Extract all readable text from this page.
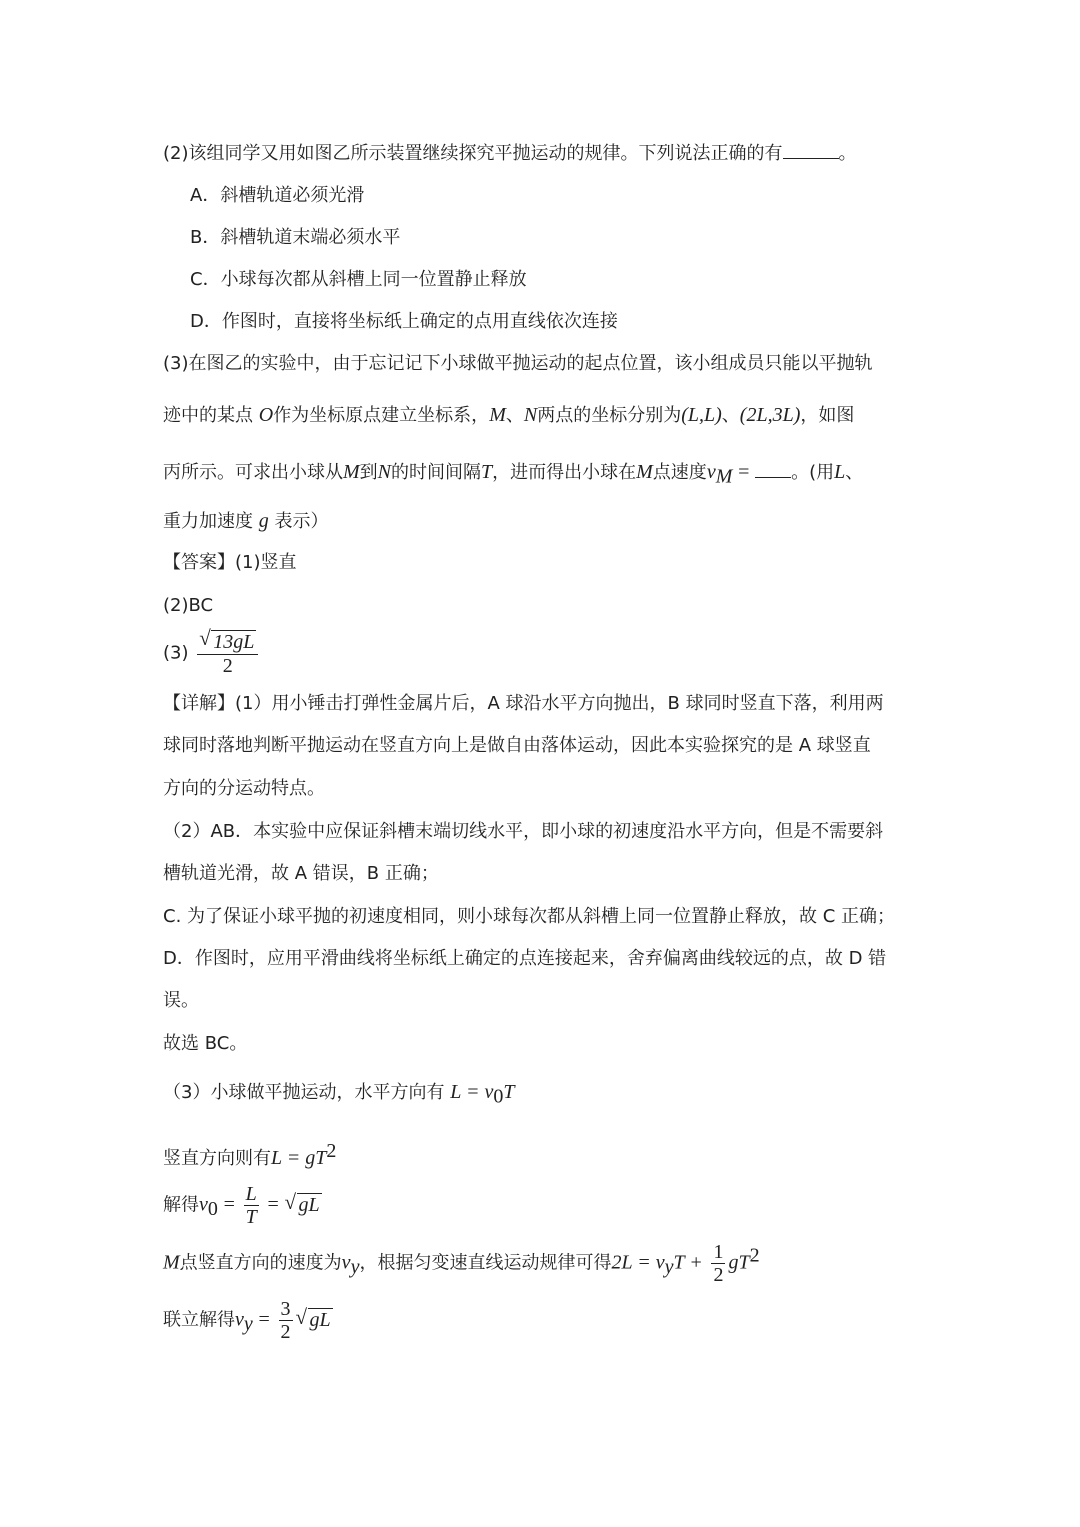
(2)该组同学又用如图乙所示装置继续探究平抛运动的规律。下列说法正确的有	。
A．斜槽轨道必须光滑
B．斜槽轨道末端必须水平
C．小球每次都从斜槽上同一位置静止释放
D．作图时，直接将坐标纸上确定的点用直线依次连接
(3)在图乙的实验中，由于忘记记下小球做平抛运动的起点位置，该小组成员只能以平抛轨
迹中的某点 O作为坐标原点建立坐标系，M、N两点的坐标分别为(L,L)、(2L,3L)，如图
丙所示。可求出小球从M到N的时间间隔T，进而得出小球在M点速度$v_M$ = 。(用L、
重力加速度 g 表示）
【答案】(1)竖直
(2)BC
(3) √ $\frac{13gL}{2}$
【详解】(1）用小锤击打弹性金属片后，A 球沿水平方向抛出，B 球同时竖直下落，利用两
球同时落地判断平抛运动在竖直方向上是做自由落体运动，因此本实验探究的是 A 球竖直
方向的分运动特点。
（2）AB．本实验中应保证斜槽末端切线水平，即小球的初速度沿水平方向，但是不需要斜
槽轨道光滑，故 A 错误，B 正确；
C. 为了保证小球平抛的初速度相同，则小球每次都从斜槽上同一位置静止释放，故 C 正确；
D．作图时，应用平滑曲线将坐标纸上确定的点连接起来，舍弃偏离曲线较远的点，故 D 错
误。
故选 BC。
（3）小球做平抛运动，水平方向有 $L = v_0T$
竖直方向则有$L = gT^2$
解得$v_0 = \frac{L}{T}$ = √ gL
M点竖直方向的速度为$v_y$，根据匀变速直线运动规律可得$2L = v_yT + \frac{1}{2} gT^2$
联立解得$v_y = \frac{3}{2}$ √ gL
